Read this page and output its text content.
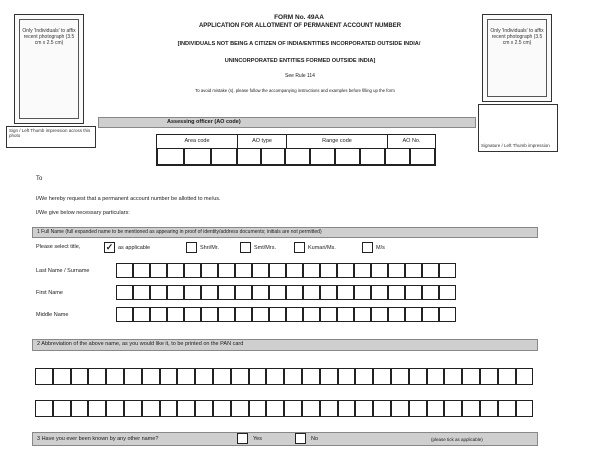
Only 'Individuals' to affix recent photograph (3.5 cm x 2.5 cm)
Sign / Left Thumb impression across this photo
Only 'Individuals' to affix recent photograph (3.5 cm x 2.5 cm)
Signature / Left Thumb impression
FORM No. 49AA
APPLICATION FOR ALLOTMENT OF PERMANENT ACCOUNT NUMBER
[INDIVIDUALS NOT BEING A CITIZEN OF INDIA/ENTITIES INCORPORATED OUTSIDE INDIA/
UNINCORPORATED ENTITIES FORMED OUTSIDE INDIA]
See Rule 114
To avoid mistake (s), please follow the accompanying instructions and examples before filling up the form
Assessing officer (AO code)
Area code	AO type	Range code	AO No.
To
I/We hereby request that a permanent account number be allotted to me/us.
I/We give below necessary particulars:
1 Full Name (full expanded name to be mentioned as appearing in proof of identity/address documents; initials are not permitted)
Please select title,	✓ as applicable	Shri/Mr.	Smt/Mrs.	Kumari/Ms.	M/s
Last Name / Surname
First Name
Middle Name
2 Abbreviation of the above name, as you would like it, to be printed on the PAN card
3 Have you ever been known by any other name?	Yes	No	(please tick as applicable)
